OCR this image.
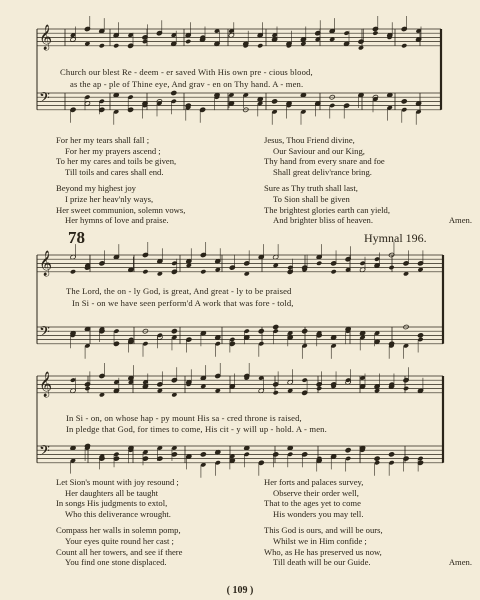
𝄞
𝄢
Church our blest Re - deem - er saved With His own pre - cious blood,
as the ap - ple of Thine eye, And grav - en on Thy hand. A - men.
For her my tears shall fall ;
For her my prayers ascend ;
To her my cares and toils be given,
Till toils and cares shall end.
Beyond my highest joy
I prize her heav'nly ways,
Her sweet communion, solemn vows,
Her hymns of love and praise.
Jesus, Thou Friend divine,
Our Saviour and our King,
Thy hand from every snare and foe
Shall great deliv'rance bring.
Sure as Thy truth shall last,
To Sion shall be given
The brightest glories earth can yield,
And brighter bliss of heaven.	Amen.
78	Hymnal 196.
𝄞
𝄢
The Lord, the on - ly God, is great, And great - ly to be praised
In Si - on we have seen perform'd A work that was fore - told,
𝄞
𝄢
In Si - on, on whose hap - py mount His sa - cred throne is raised,
In pledge that God, for times to come, His cit - y will up - hold. A - men.
Let Sion's mount with joy resound ;
Her daughters all be taught
In songs His judgments to extol,
Who this deliverance wrought.
Compass her walls in solemn pomp,
Your eyes quite round her cast ;
Count all her towers, and see if there
You find one stone displaced.
Her forts and palaces survey,
Observe their order well,
That to the ages yet to come
His wonders you may tell.
This God is ours, and will be ours,
Whilst we in Him confide ;
Who, as He has preserved us now,
Till death will be our Guide.	Amen.
( 109 )
